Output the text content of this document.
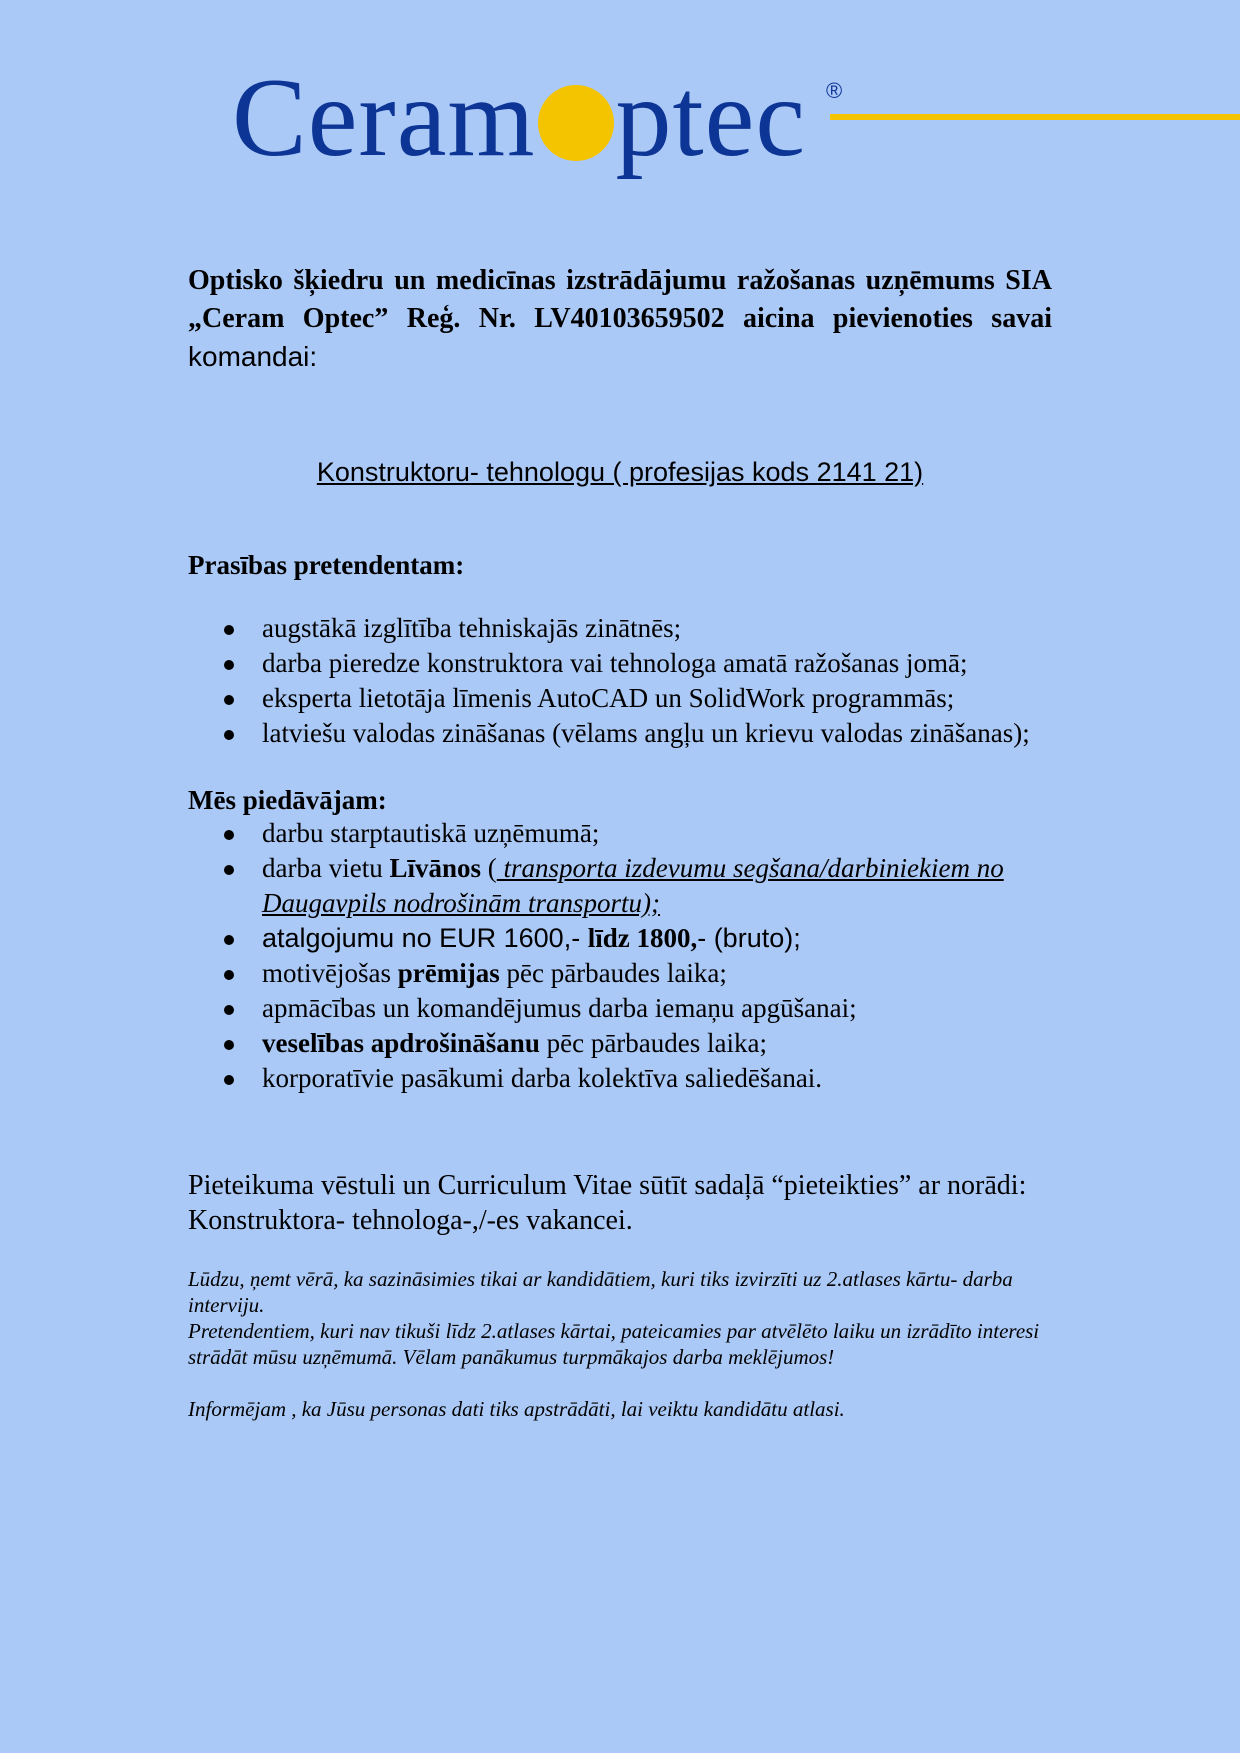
Ceram ptec ®

Optisko šķiedru un medicīnas izstrādājumu ražošanas uzņēmums SIA „Ceram Optec” Reģ. Nr. LV40103659502 aicina pievienoties savai komandai:

Konstruktoru- tehnologu ( profesijas kods 2141 21)

Prasības pretendentam:

augstākā izglītība tehniskajās zinātnēs;
darba pieredze konstruktora vai tehnologa amatā ražošanas jomā;
eksperta lietotāja līmenis AutoCAD un SolidWork programmās;
latviešu valodas zināšanas (vēlams angļu un krievu valodas zināšanas);

Mēs piedāvājam:

darbu starptautiskā uzņēmumā;
darba vietu Līvānos ( transporta izdevumu segšana/darbiniekiem no Daugavpils nodrošinām transportu);
atalgojumu no EUR 1600,- līdz 1800,- (bruto);
motivējošas prēmijas pēc pārbaudes laika;
apmācības un komandējumus darba iemaņu apgūšanai;
veselības apdrošināšanu pēc pārbaudes laika;
korporatīvie pasākumi darba kolektīva saliedēšanai.

Pieteikuma vēstuli un Curriculum Vitae sūtīt sadaļā “pieteikties” ar norādi: Konstruktora- tehnologa-,/-es vakancei.

Lūdzu, ņemt vērā, ka sazināsimies tikai ar kandidātiem, kuri tiks izvirzīti uz 2.atlases kārtu- darba interviju.

Pretendentiem, kuri nav tikuši līdz 2.atlases kārtai, pateicamies par atvēlēto laiku un izrādīto interesi strādāt mūsu uzņēmumā. Vēlam panākumus turpmākajos darba meklējumos!

Informējam , ka Jūsu personas dati tiks apstrādāti, lai veiktu kandidātu atlasi.
